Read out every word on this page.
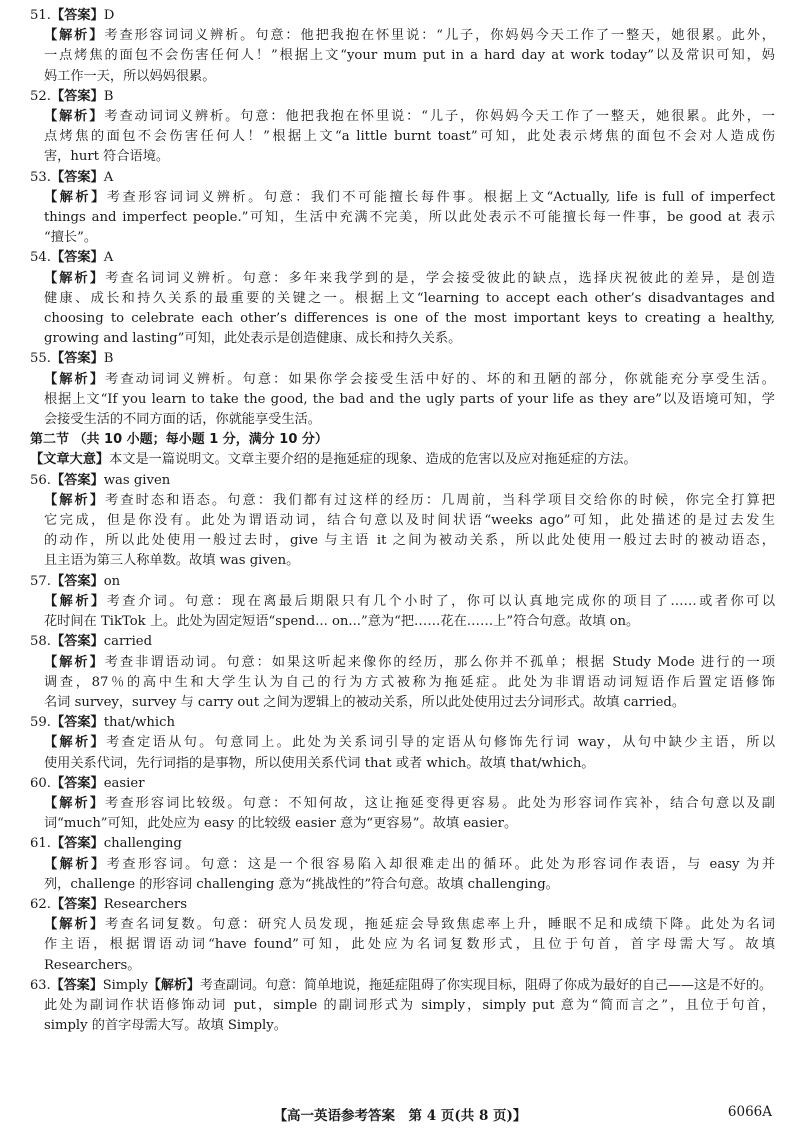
51.【答案】D
【解析】考查形容词词义辨析。句意：他把我抱在怀里说：“儿子，你妈妈今天工作了一整天，她很累。此外，
一点烤焦的面包不会伤害任何人！”根据上文“your mum put in a hard day at work today”以及常识可知，妈
妈工作一天，所以妈妈很累。
52.【答案】B
【解析】考查动词词义辨析。句意：他把我抱在怀里说：“儿子，你妈妈今天工作了一整天，她很累。此外，一
点烤焦的面包不会伤害任何人！”根据上文“a little burnt toast”可知，此处表示烤焦的面包不会对人造成伤
害，hurt 符合语境。
53.【答案】A
【解析】考查形容词词义辨析。句意：我们不可能擅长每件事。根据上文“Actually, life is full of imperfect
things and imperfect people.”可知，生活中充满不完美，所以此处表示不可能擅长每一件事，be good at 表示
“擅长”。
54.【答案】A
【解析】考查名词词义辨析。句意：多年来我学到的是，学会接受彼此的缺点，选择庆祝彼此的差异，是创造
健康、成长和持久关系的最重要的关键之一。根据上文“learning to accept each other’s disadvantages and
choosing to celebrate each other’s differences is one of the most important keys to creating a healthy,
growing and lasting”可知，此处表示是创造健康、成长和持久关系。
55.【答案】B
【解析】考查动词词义辨析。句意：如果你学会接受生活中好的、坏的和丑陋的部分，你就能充分享受生活。
根据上文“If you learn to take the good, the bad and the ugly parts of your life as they are”以及语境可知，学
会接受生活的不同方面的话，你就能享受生活。
第二节 （共 10 小题；每小题 1 分，满分 10 分）
【文章大意】本文是一篇说明文。文章主要介绍的是拖延症的现象、造成的危害以及应对拖延症的方法。
56.【答案】was given
【解析】考查时态和语态。句意：我们都有过这样的经历：几周前，当科学项目交给你的时候，你完全打算把
它完成，但是你没有。此处为谓语动词，结合句意以及时间状语“weeks ago”可知，此处描述的是过去发生
的动作，所以此处使用一般过去时，give 与主语 it 之间为被动关系，所以此处使用一般过去时的被动语态，
且主语为第三人称单数。故填 was given。
57.【答案】on
【解析】考查介词。句意：现在离最后期限只有几个小时了，你可以认真地完成你的项目了……或者你可以
花时间在 TikTok 上。此处为固定短语“spend... on...”意为“把……花在……上”符合句意。故填 on。
58.【答案】carried
【解析】考查非谓语动词。句意：如果这听起来像你的经历，那么你并不孤单；根据 Study Mode 进行的一项
调查，87％的高中生和大学生认为自己的行为方式被称为拖延症。此处为非谓语动词短语作后置定语修饰
名词 survey，survey 与 carry out 之间为逻辑上的被动关系，所以此处使用过去分词形式。故填 carried。
59.【答案】that/which
【解析】考查定语从句。句意同上。此处为关系词引导的定语从句修饰先行词 way，从句中缺少主语，所以
使用关系代词，先行词指的是事物，所以使用关系代词 that 或者 which。故填 that/which。
60.【答案】easier
【解析】考查形容词比较级。句意：不知何故，这让拖延变得更容易。此处为形容词作宾补，结合句意以及副
词“much”可知，此处应为 easy 的比较级 easier 意为“更容易”。故填 easier。
61.【答案】challenging
【解析】考查形容词。句意：这是一个很容易陷入却很难走出的循环。此处为形容词作表语，与 easy 为并
列，challenge 的形容词 challenging 意为“挑战性的”符合句意。故填 challenging。
62.【答案】Researchers
【解析】考查名词复数。句意：研究人员发现，拖延症会导致焦虑率上升，睡眠不足和成绩下降。此处为名词
作主语，根据谓语动词“have found”可知，此处应为名词复数形式，且位于句首，首字母需大写。故填
Researchers。
63.【答案】Simply【解析】考查副词。句意：简单地说，拖延症阻碍了你实现目标，阻碍了你成为最好的自己——这是不好的。
此处为副词作状语修饰动词 put，simple 的副词形式为 simply，simply put 意为“简而言之”，且位于句首，
simply 的首字母需大写。故填 Simply。
【高一英语参考答案　第 4 页(共 8 页)】	6066A
